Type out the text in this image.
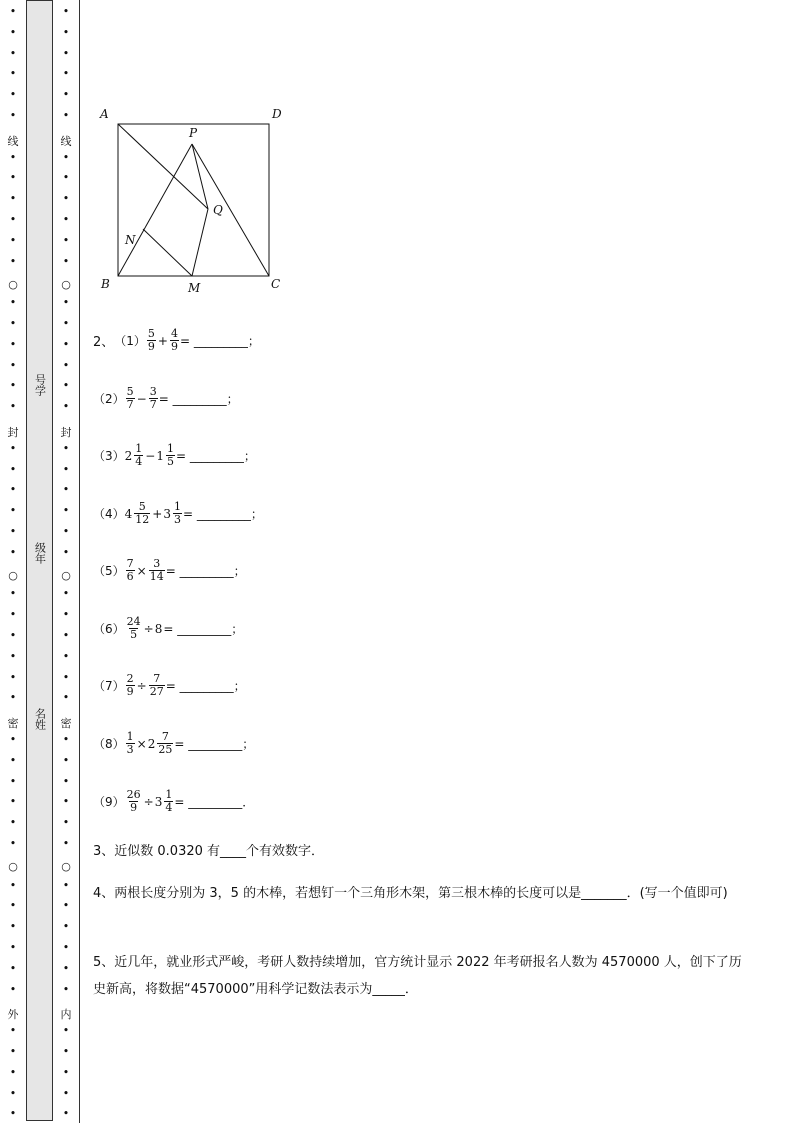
•
•
•
•
•
•
•
•
•
•
•
•
•
•
•
•
•
•
•
•
•
•
•
•
•
•
•
•
•
•
•
•
•
•
•
•
•
•
•
•
•
•
•
•
•
•
•
○
○
○
线
封
密
外
•
•
•
•
•
•
•
•
•
•
•
•
•
•
•
•
•
•
•
•
•
•
•
•
•
•
•
•
•
•
•
•
•
•
•
•
•
•
•
•
•
•
•
•
•
•
•
○
○
○
线
封
密
内
号学
级年
名姓
A	D
P
Q
N
B	M	C
2、 $(1) \frac{5}{9} + \frac{4}{9}$ = _________；
$(2) \frac{5}{7} - \frac{3}{7}$ = _________；
（3） $2 \frac{1}{4} - 1 \frac{1}{5}$ = _________；
（4） $4 \frac{5}{12} + 3 \frac{1}{3}$ = _________；
$(5) \frac{7}{6} \times \frac{3}{14}$ = _________；
$(6) \frac{24}{5} \div 8$ = _________；
$(7) \frac{2}{9} \div \frac{7}{27}$ = _________；
$(8) \frac{1}{3} \times 2 \frac{7}{25}$ = _________；
$(9) \frac{26}{9} \div 3 \frac{1}{4}$ = _________．
3、近似数 0.0320 有____个有效数字．
4、两根长度分别为 3，5 的木棒，若想钉一个三角形木架，第三根木棒的长度可以是_______．(写一个值即可)
5、近几年，就业形式严峻，考研人数持续增加，官方统计显示 2022 年考研报名人数为 4570000 人，创下了历史新高，将数据“4570000”用科学记数法表示为_____．
